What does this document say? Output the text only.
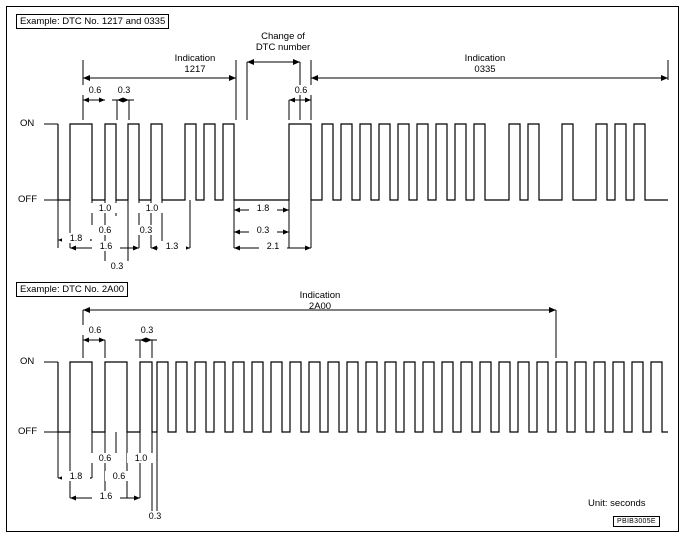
Example: DTC No. 1217 and 0335
Indication
1217
Change of
DTC number
Indication
0335
ON
OFF
0.6	0.3	0.6
1.0	1.0	1.8
1.8
0.6	0.3	0.3
1.6	1.3
0.3
2.1
Example: DTC No. 2A00
Indication
2A00
ON
OFF
0.6	0.3
1.8
0.6	1.0
0.6
1.6
0.3
Unit: seconds
PBIB3005E
